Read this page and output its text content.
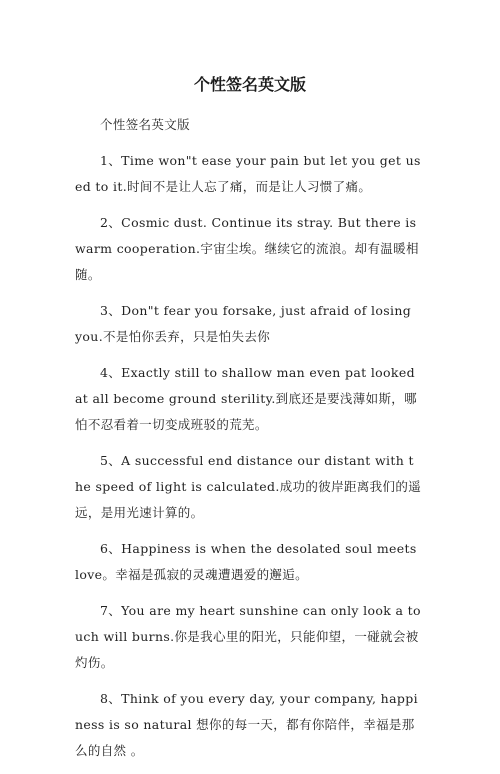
个性签名英文版

个性签名英文版

1、Time won"t ease your pain but let you get used to it.时间不是让人忘了痛，而是让人习惯了痛。

2、Cosmic dust. Continue its stray. But there is warm cooperation.宇宙尘埃。继续它的流浪。却有温暖相随。

3、Don"t fear you forsake, just afraid of losing you.不是怕你丢弃，只是怕失去你

4、Exactly still to shallow man even pat looked at all become ground sterility.到底还是要浅薄如斯，哪怕不忍看着一切变成班驳的荒芜。

5、A successful end distance our distant with the speed of light is calculated.成功的彼岸距离我们的遥远，是用光速计算的。

6、Happiness is when the desolated soul meets love。幸福是孤寂的灵魂遭遇爱的邂逅。

7、You are my heart sunshine can only look a touch will burns.你是我心里的阳光，只能仰望，一碰就会被灼伤。

8、Think of you every day, your company, happiness is so natural 想你的每一天，都有你陪伴，幸福是那么的自然 。
